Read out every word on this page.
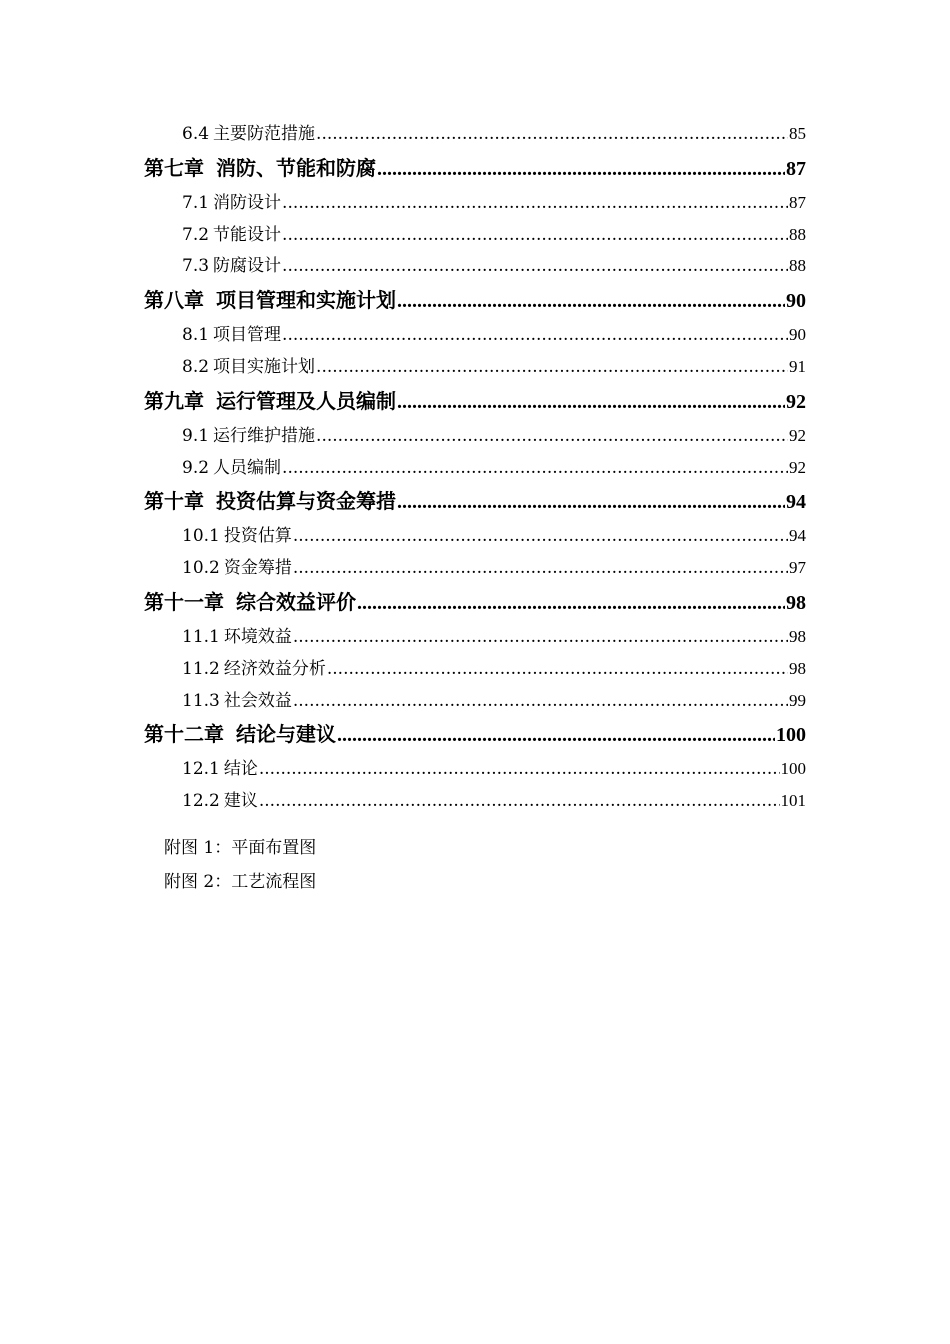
6.4 主要防范措施 .....	85
第七章 消防、节能和防腐 .....	87
7.1 消防设计 .....	87
7.2 节能设计 .....	88
7.3 防腐设计 .....	88
第八章 项目管理和实施计划 .....	90
8.1 项目管理 .....	90
8.2 项目实施计划 .....	91
第九章 运行管理及人员编制 .....	92
9.1 运行维护措施 .....	92
9.2 人员编制 .....	92
第十章 投资估算与资金筹措 .....	94
10.1 投资估算 .....	94
10.2 资金筹措 .....	97
第十一章 综合效益评价 .....	98
11.1 环境效益 .....	98
11.2 经济效益分析 .....	98
11.3 社会效益 .....	99
第十二章 结论与建议 .....	100
12.1 结论 .....	100
12.2 建议 .....	101
附图 1：平面布置图
附图 2：工艺流程图
